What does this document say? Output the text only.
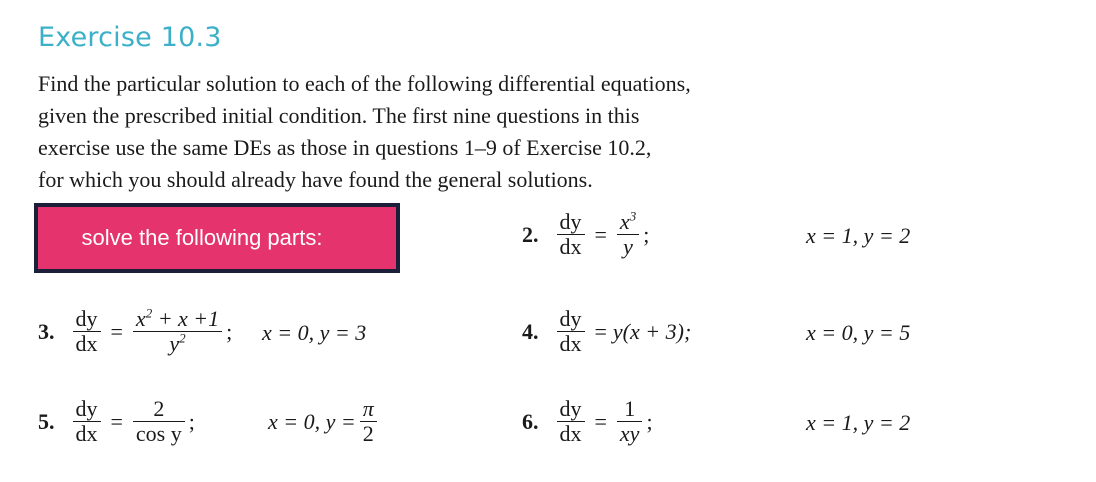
Exercise 10.3
Find the particular solution to each of the following differential equations,
given the prescribed initial condition. The first nine questions in this
exercise use the same DEs as those in questions 1–9 of Exercise 10.2,
for which you should already have found the general solutions.
solve the following parts:	2. $\frac{dy}{dx} = \frac{x^3}{y}$ ;	x = 1, y = 2
3. $\frac{dy}{dx} = \frac{x^2 + x +1}{y^2}$ ; x = 0, y = 3	4. $\frac{dy}{dx} = y(x + 3)$;	x = 0, y = 5
5. $\frac{dy}{dx} = \frac{2}{\text{cos y}}$ ;	x = 0, $y = \frac{\pi}{2}$	6. $\frac{dy}{dx} = \frac{1}{xy}$ ;	x = 1, y = 2
